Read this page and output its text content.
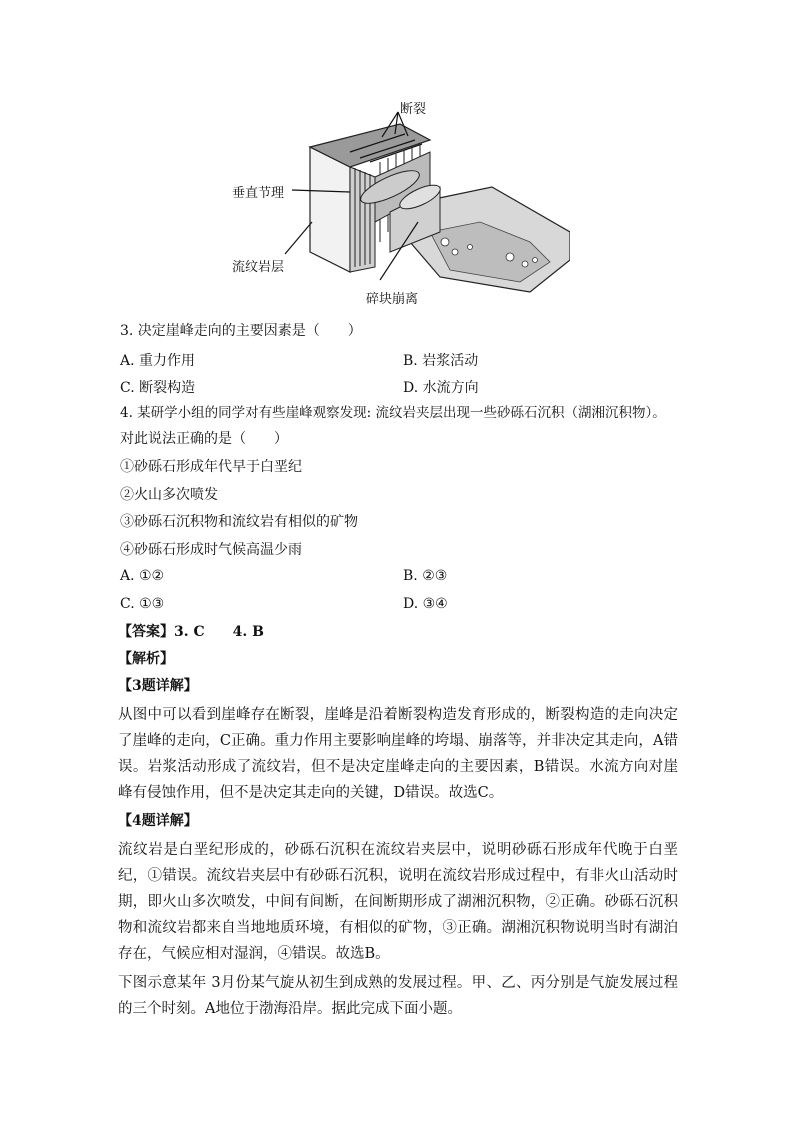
断裂
垂直节理
流纹岩层
碎块崩离
3. 决定崖峰走向的主要因素是（　　）
A. 重力作用	B. 岩浆活动
C. 断裂构造	D. 水流方向
4. 某研学小组的同学对有些崖峰观察发现: 流纹岩夹层出现一些砂砾石沉积（湖湘沉积物）。
对此说法正确的是（　　）
①砂砾石形成年代早于白垩纪
②火山多次喷发
③砂砾石沉积物和流纹岩有相似的矿物
④砂砾石形成时气候高温少雨
A. ①②	B. ②③
C. ①③	D. ③④
【答案】3. C　　4. B
【解析】
【3题详解】

从图中可以看到崖峰存在断裂，崖峰是沿着断裂构造发育形成的，断裂构造的走向决定了崖峰的走向，C正确。重力作用主要影响崖峰的垮塌、崩落等，并非决定其走向，A错误。岩浆活动形成了流纹岩，但不是决定崖峰走向的主要因素，B错误。水流方向对崖峰有侵蚀作用，但不是决定其走向的关键，D错误。故选C。

【4题详解】

流纹岩是白垩纪形成的，砂砾石沉积在流纹岩夹层中，说明砂砾石形成年代晚于白垩纪，①错误。流纹岩夹层中有砂砾石沉积，说明在流纹岩形成过程中，有非火山活动时期，即火山多次喷发，中间有间断，在间断期形成了湖湘沉积物，②正确。砂砾石沉积物和流纹岩都来自当地地质环境，有相似的矿物，③正确。湖湘沉积物说明当时有湖泊存在，气候应相对湿润，④错误。故选B。

下图示意某年 3月份某气旋从初生到成熟的发展过程。甲、乙、丙分别是气旋发展过程的三个时刻。A地位于渤海沿岸。据此完成下面小题。
